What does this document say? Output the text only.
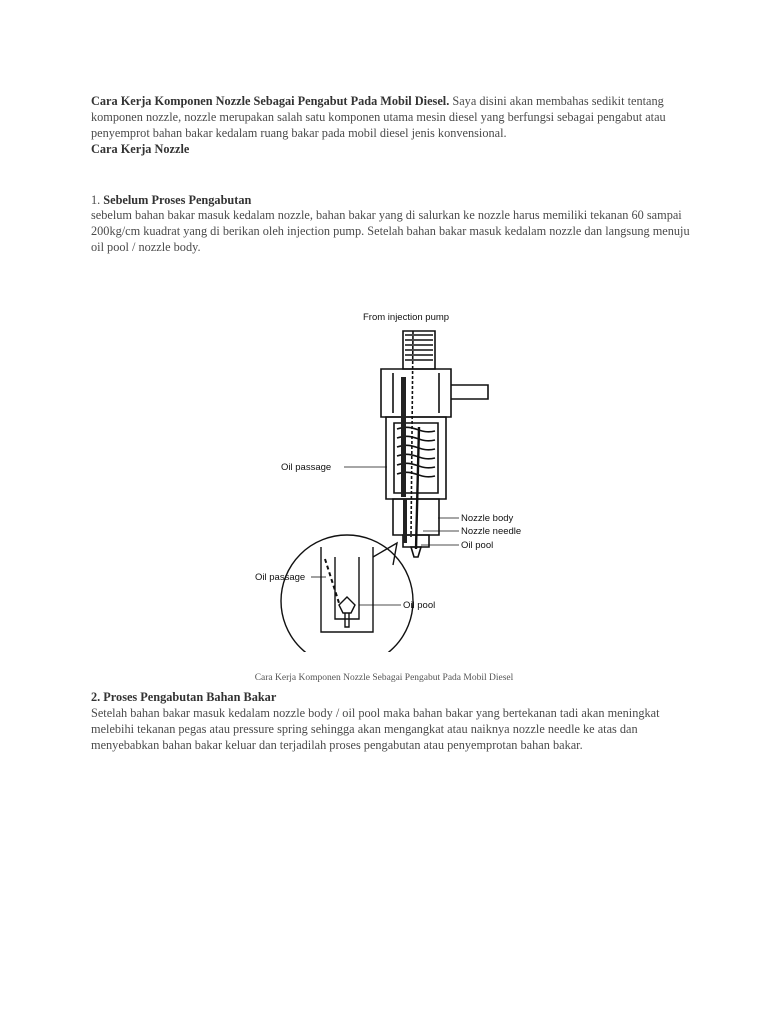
Cara Kerja Komponen Nozzle Sebagai Pengabut Pada Mobil Diesel. Saya disini akan membahas sedikit tentang komponen nozzle, nozzle merupakan salah satu komponen utama mesin diesel yang berfungsi sebagai pengabut atau penyemprot bahan bakar kedalam ruang bakar pada mobil diesel jenis konvensional.
Cara Kerja Nozzle
1. Sebelum Proses Pengabutan
sebelum bahan bakar masuk kedalam nozzle, bahan bakar yang di salurkan ke nozzle harus memiliki tekanan 60 sampai 200kg/cm kuadrat yang di berikan oleh injection pump. Setelah bahan bakar masuk kedalam nozzle dan langsung menuju oil pool / nozzle body.
From injection pump
Oil passage
Nozzle body
Nozzle needle
Oil pool
Oil passage
Oil pool
Cara Kerja Komponen Nozzle Sebagai Pengabut Pada Mobil Diesel
2. Proses Pengabutan Bahan Bakar
Setelah bahan bakar masuk kedalam nozzle body / oil pool maka bahan bakar yang bertekanan tadi akan meningkat melebihi tekanan pegas atau pressure spring sehingga akan mengangkat atau naiknya nozzle needle ke atas dan menyebabkan bahan bakar keluar dan terjadilah proses pengabutan atau penyemprotan bahan bakar.
